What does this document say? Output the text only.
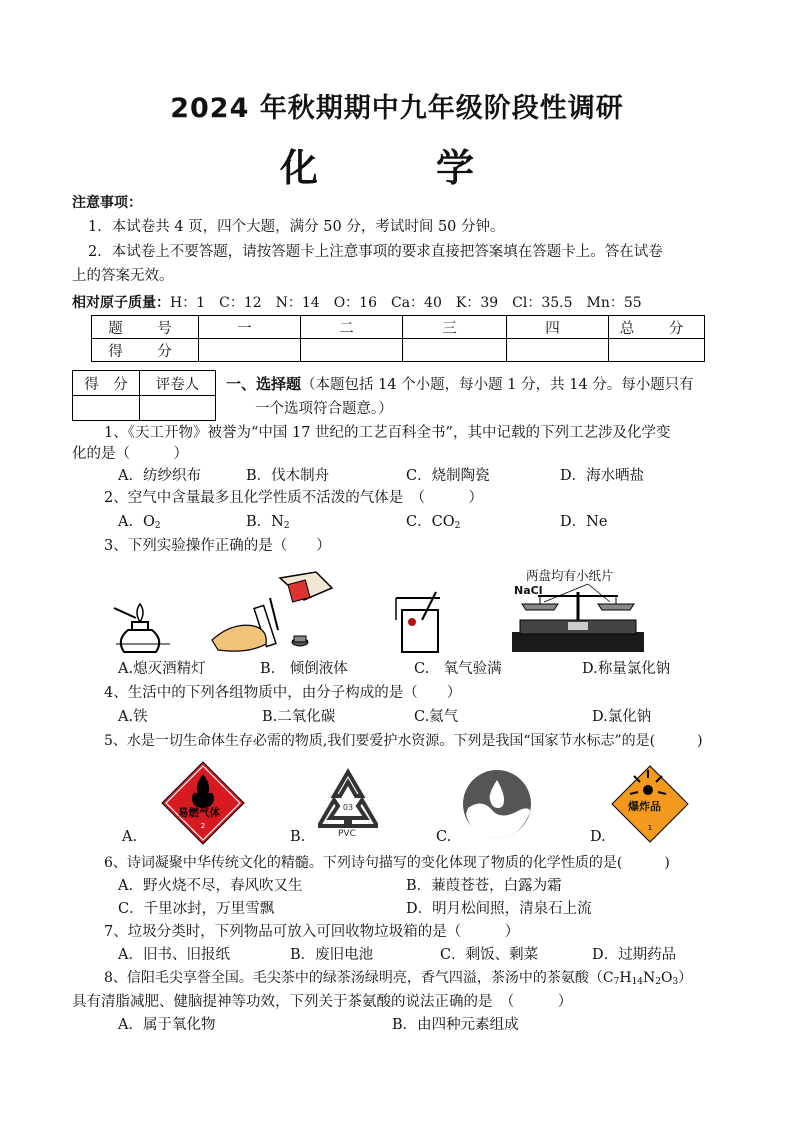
2024 年秋期期中九年级阶段性调研
化　学
注意事项：
1．本试卷共 4 页，四个大题，满分 50 分，考试时间 50 分钟。
2．本试卷上不要答题，请按答题卡上注意事项的要求直接把答案填在答题卡上。答在试卷
上的答案无效。
相对原子质量：H：1　C：12　N：14　O：16　Ca：40　K：39　Cl：35.5　Mn：55
题　号	一	二	三	四	总　分
得　分					
得　分	评卷人
	一、选择题（本题包括 14 个小题，每小题 1 分，共 14 分。每小题只有
一个选项符合题意。）
1、《天工开物》被誉为“中国 17 世纪的工艺百科全书”，其中记载的下列工艺涉及化学变
化的是（　　　）
A．纺纱织布	B．伐木制舟	C．烧制陶瓷	D．海水晒盐
2、空气中含量最多且化学性质不活泼的气体是　（　　　）
A．$O_2$	B．$N_2$	C．$CO_2$	D．Ne
3、下列实验操作正确的是（　　）
两盘均有小纸片
NaCl
A.熄灭酒精灯	B.　倾倒液体	C.　氧气验满	D.称量氯化钠
4、生活中的下列各组物质中，由分子构成的是（　　）
A.铁	B.二氧化碳	C.氦气	D.氯化钠
5、水是一切生命体生存必需的物质,我们要爱护水资源。下列是我国“国家节水标志”的是(　　　)
2
易燃气体	03
PVC
1
爆炸品
A.	B.	C.	D.
6、诗词凝聚中华传统文化的精髓。下列诗句描写的变化体现了物质的化学性质的是(　　　)
A．野火烧不尽，春风吹又生	B．蒹葭苍苍，白露为霜
C．千里冰封，万里雪飘	D．明月松间照，清泉石上流
7、垃圾分类时，下列物品可放入可回收物垃圾箱的是（　　　）
A．旧书、旧报纸	B．废旧电池	C．剩饭、剩菜	D．过期药品
8、信阳毛尖享誉全国。毛尖茶中的绿茶汤绿明亮，香气四溢，茶汤中的茶氨酸$(C_7H_{14}N_2O_3)$
具有清脂减肥、健脑提神等功效，下列关于茶氨酸的说法正确的是　（　　　）
A．属于氧化物	B．由四种元素组成
